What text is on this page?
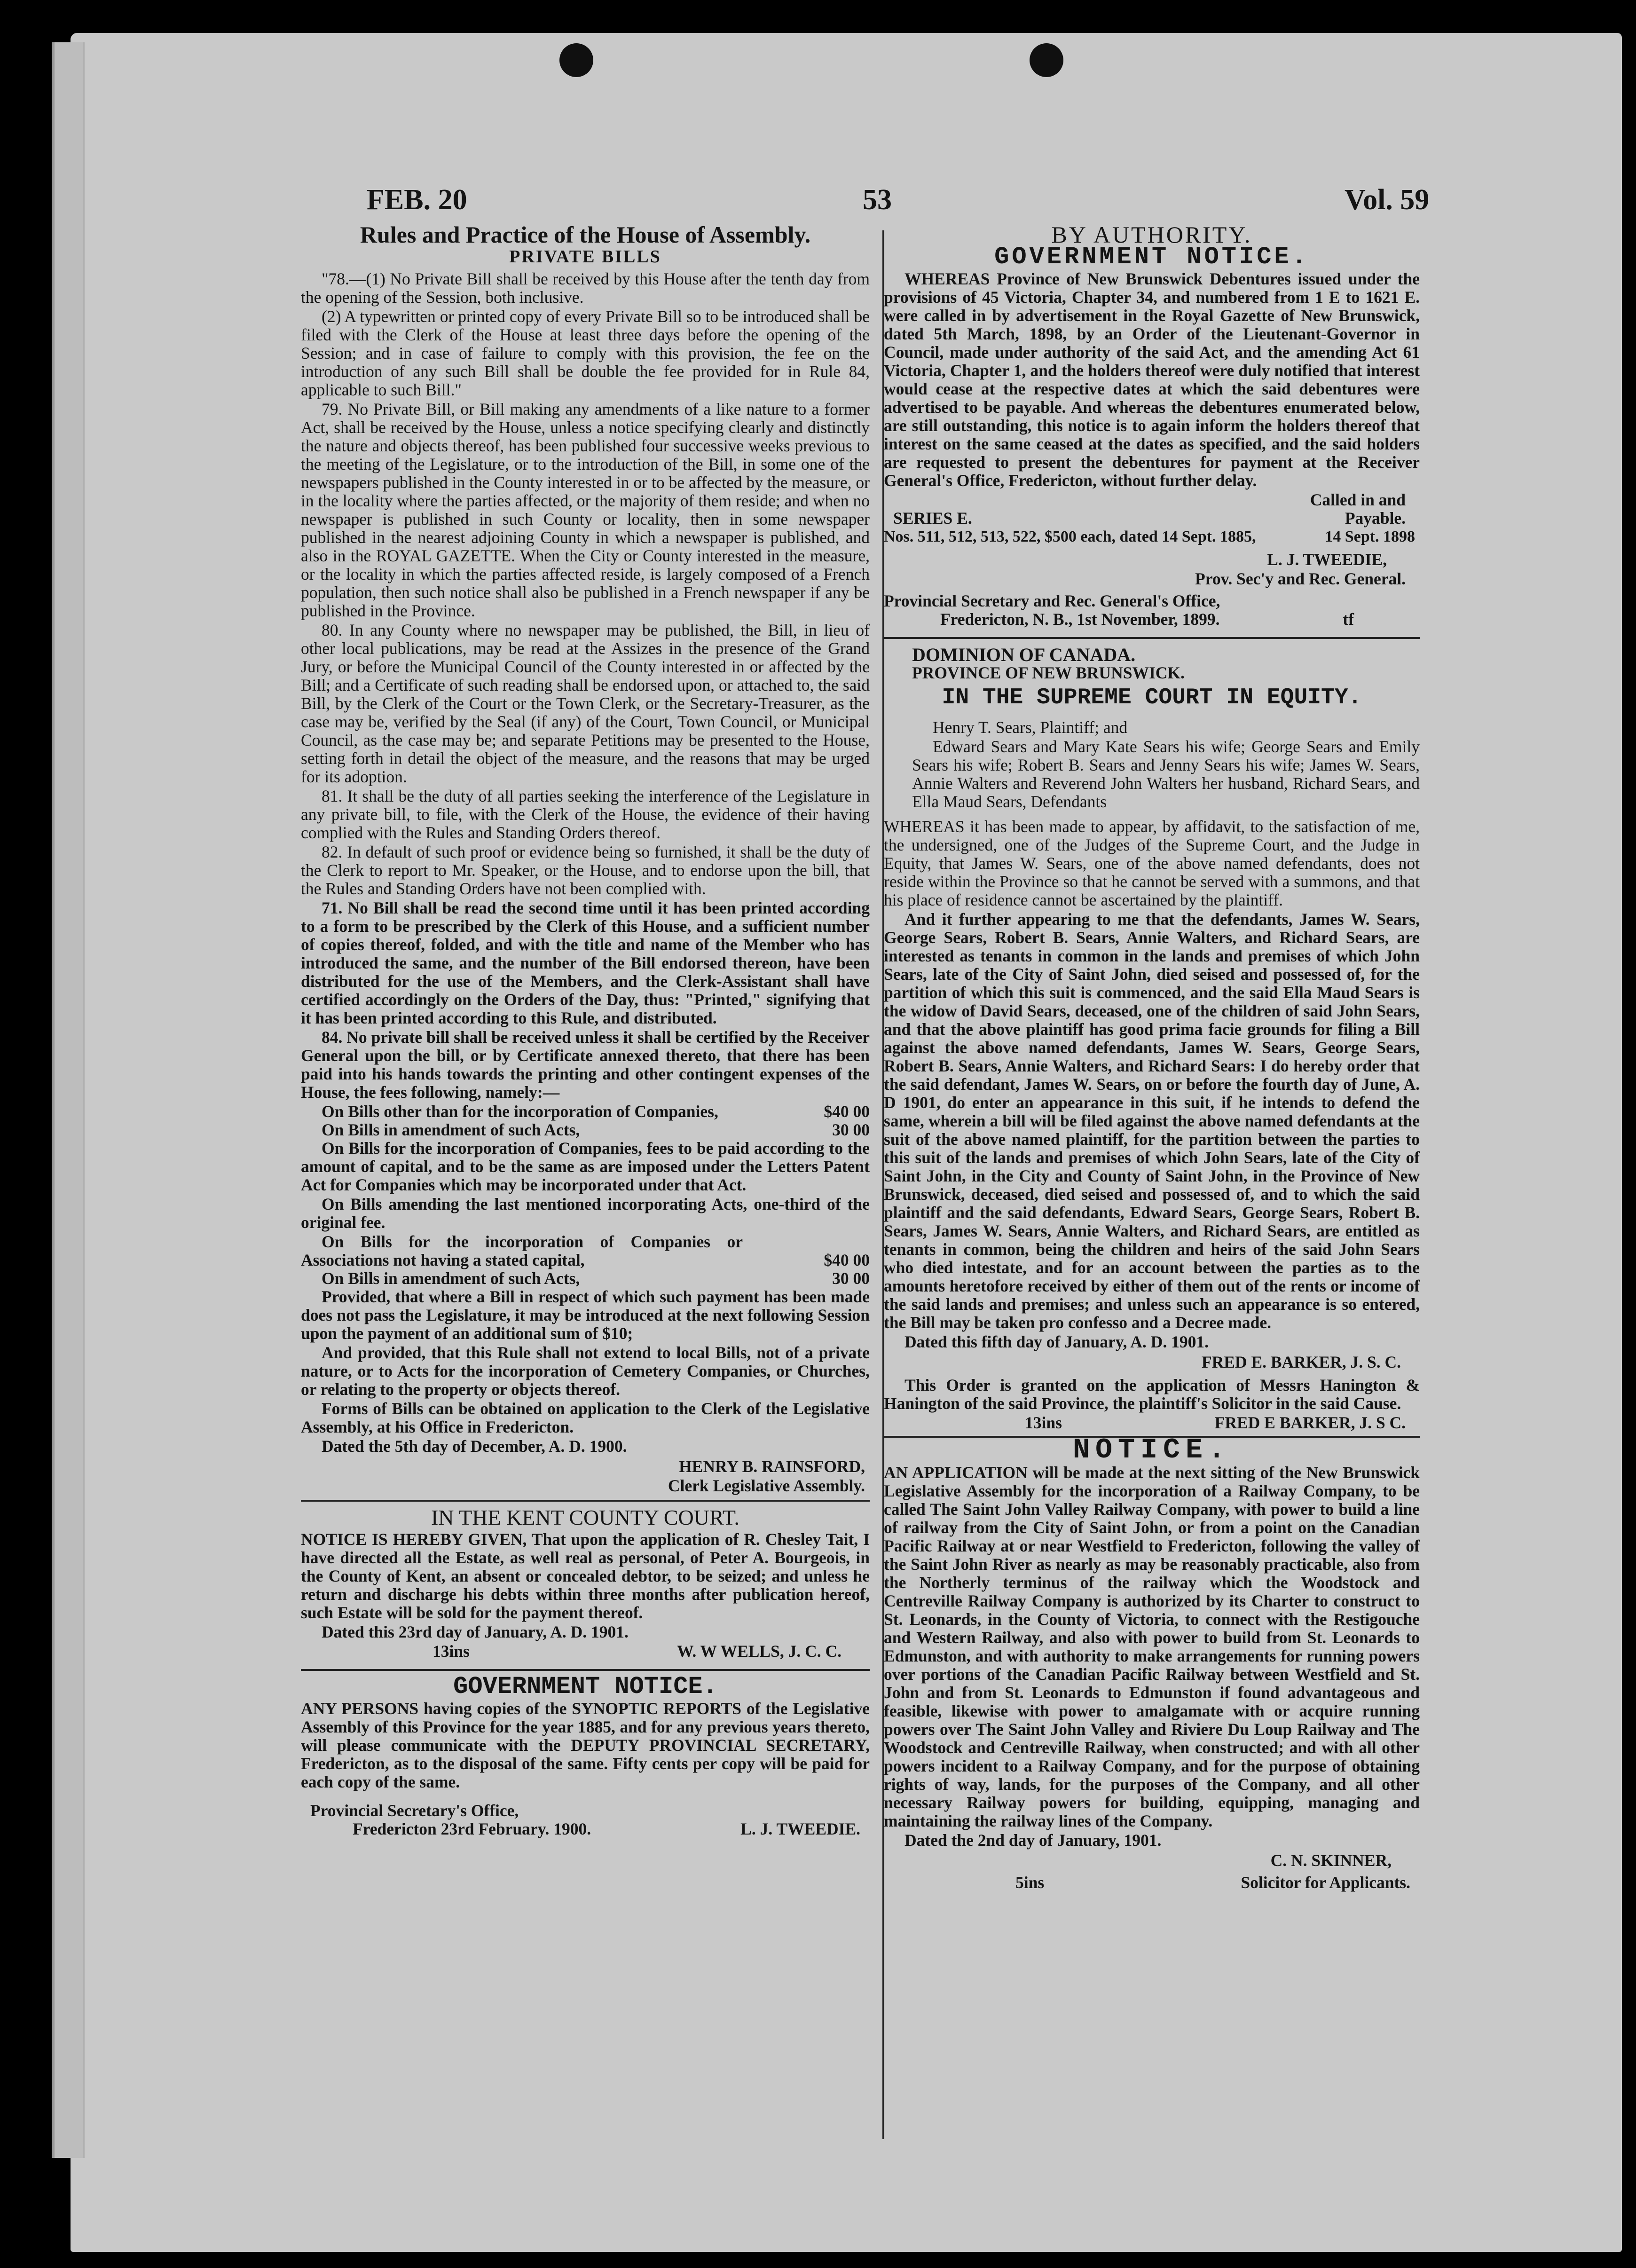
FEB. 20	53	Vol. 59
Rules and Practice of the House of Assembly.
PRIVATE BILLS

"78.—(1) No Private Bill shall be received by this House after the tenth day from the opening of the Session, both inclusive.

(2) A typewritten or printed copy of every Private Bill so to be introduced shall be filed with the Clerk of the House at least three days before the opening of the Session; and in case of failure to comply with this provision, the fee on the introduction of any such Bill shall be double the fee provided for in Rule 84, applicable to such Bill."

79. No Private Bill, or Bill making any amendments of a like nature to a former Act, shall be received by the House, unless a notice specifying clearly and distinctly the nature and objects thereof, has been published four successive weeks previous to the meeting of the Legislature, or to the introduction of the Bill, in some one of the newspapers published in the County interested in or to be affected by the measure, or in the locality where the parties affected, or the majority of them reside; and when no newspaper is published in such County or locality, then in some newspaper published in the nearest adjoining County in which a newspaper is published, and also in the ROYAL GAZETTE. When the City or County interested in the measure, or the locality in which the parties affected reside, is largely composed of a French population, then such notice shall also be published in a French newspaper if any be published in the Province.

80. In any County where no newspaper may be published, the Bill, in lieu of other local publications, may be read at the Assizes in the presence of the Grand Jury, or before the Municipal Council of the County interested in or affected by the Bill; and a Certificate of such reading shall be endorsed upon, or attached to, the said Bill, by the Clerk of the Court or the Town Clerk, or the Secretary-Treasurer, as the case may be, verified by the Seal (if any) of the Court, Town Council, or Municipal Council, as the case may be; and separate Petitions may be presented to the House, setting forth in detail the object of the measure, and the reasons that may be urged for its adoption.

81. It shall be the duty of all parties seeking the interference of the Legislature in any private bill, to file, with the Clerk of the House, the evidence of their having complied with the Rules and Standing Orders thereof.

82. In default of such proof or evidence being so furnished, it shall be the duty of the Clerk to report to Mr. Speaker, or the House, and to endorse upon the bill, that the Rules and Standing Orders have not been complied with.

71. No Bill shall be read the second time until it has been printed according to a form to be prescribed by the Clerk of this House, and a sufficient number of copies thereof, folded, and with the title and name of the Member who has introduced the same, and the number of the Bill endorsed thereon, have been distributed for the use of the Members, and the Clerk-Assistant shall have certified accordingly on the Orders of the Day, thus: "Printed," signifying that it has been printed according to this Rule, and distributed.

84. No private bill shall be received unless it shall be certified by the Receiver General upon the bill, or by Certificate annexed thereto, that there has been paid into his hands towards the printing and other contingent expenses of the House, the fees following, namely:—

On Bills other than for the incorporation of Companies,	$40 00
On Bills in amendment of such Acts,	30 00

On Bills for the incorporation of Companies, fees to be paid according to the amount of capital, and to be the same as are imposed under the Letters Patent Act for Companies which may be incorporated under that Act.

On Bills amending the last mentioned incorporating Acts, one-third of the original fee.

On Bills for the incorporation of Companies or Associations not having a stated capital,	$40 00
On Bills in amendment of such Acts,	30 00

Provided, that where a Bill in respect of which such payment has been made does not pass the Legislature, it may be introduced at the next following Session upon the payment of an additional sum of $10;

And provided, that this Rule shall not extend to local Bills, not of a private nature, or to Acts for the incorporation of Cemetery Companies, or Churches, or relating to the property or objects thereof.

Forms of Bills can be obtained on application to the Clerk of the Legislative Assembly, at his Office in Fredericton.

Dated the 5th day of December, A. D. 1900.

HENRY B. RAINSFORD,
Clerk Legislative Assembly.
IN THE KENT COUNTY COURT.

NOTICE IS HEREBY GIVEN, That upon the application of R. Chesley Tait, I have directed all the Estate, as well real as personal, of Peter A. Bourgeois, in the County of Kent, an absent or concealed debtor, to be seized; and unless he return and discharge his debts within three months after publication hereof, such Estate will be sold for the payment thereof.

Dated this 23rd day of January, A. D. 1901.

13ins	W. W WELLS, J. C. C.
GOVERNMENT NOTICE.

ANY PERSONS having copies of the SYNOPTIC REPORTS of the Legislative Assembly of this Province for the year 1885, and for any previous years thereto, will please communicate with the DEPUTY PROVINCIAL SECRETARY, Fredericton, as to the disposal of the same. Fifty cents per copy will be paid for each copy of the same.

Provincial Secretary's Office,
Fredericton 23rd February. 1900.	L. J. TWEEDIE.
BY AUTHORITY.
GOVERNMENT NOTICE.

WHEREAS Province of New Brunswick Debentures issued under the provisions of 45 Victoria, Chapter 34, and numbered from 1 E to 1621 E. were called in by advertisement in the Royal Gazette of New Brunswick, dated 5th March, 1898, by an Order of the Lieutenant-Governor in Council, made under authority of the said Act, and the amending Act 61 Victoria, Chapter 1, and the holders thereof were duly notified that interest would cease at the respective dates at which the said debentures were advertised to be payable. And whereas the debentures enumerated below, are still outstanding, this notice is to again inform the holders thereof that interest on the same ceased at the dates as specified, and the said holders are requested to present the debentures for payment at the Receiver General's Office, Fredericton, without further delay.

Called in and
SERIES E.	Payable.
Nos. 511, 512, 513, 522, $500 each, dated 14 Sept. 1885,	14 Sept. 1898
L. J. TWEEDIE,
Prov. Sec'y and Rec. General.
Provincial Secretary and Rec. General's Office,
Fredericton, N. B., 1st November, 1899.	tf
DOMINION OF CANADA.
PROVINCE OF NEW BRUNSWICK.
IN THE SUPREME COURT IN EQUITY.

Henry T. Sears, Plaintiff; and

Edward Sears and Mary Kate Sears his wife; George Sears and Emily Sears his wife; Robert B. Sears and Jenny Sears his wife; James W. Sears, Annie Walters and Reverend John Walters her husband, Richard Sears, and Ella Maud Sears, Defendants

WHEREAS it has been made to appear, by affidavit, to the satisfaction of me, the undersigned, one of the Judges of the Supreme Court, and the Judge in Equity, that James W. Sears, one of the above named defendants, does not reside within the Province so that he cannot be served with a summons, and that his place of residence cannot be ascertained by the plaintiff.

And it further appearing to me that the defendants, James W. Sears, George Sears, Robert B. Sears, Annie Walters, and Richard Sears, are interested as tenants in common in the lands and premises of which John Sears, late of the City of Saint John, died seised and possessed of, for the partition of which this suit is commenced, and the said Ella Maud Sears is the widow of David Sears, deceased, one of the children of said John Sears, and that the above plaintiff has good prima facie grounds for filing a Bill against the above named defendants, James W. Sears, George Sears, Robert B. Sears, Annie Walters, and Richard Sears: I do hereby order that the said defendant, James W. Sears, on or before the fourth day of June, A. D 1901, do enter an appearance in this suit, if he intends to defend the same, wherein a bill will be filed against the above named defendants at the suit of the above named plaintiff, for the partition between the parties to this suit of the lands and premises of which John Sears, late of the City of Saint John, in the City and County of Saint John, in the Province of New Brunswick, deceased, died seised and possessed of, and to which the said plaintiff and the said defendants, Edward Sears, George Sears, Robert B. Sears, James W. Sears, Annie Walters, and Richard Sears, are entitled as tenants in common, being the children and heirs of the said John Sears who died intestate, and for an account between the parties as to the amounts heretofore received by either of them out of the rents or income of the said lands and premises; and unless such an appearance is so entered, the Bill may be taken pro confesso and a Decree made.

Dated this fifth day of January, A. D. 1901.

FRED E. BARKER, J. S. C.

This Order is granted on the application of Messrs Hanington & Hanington of the said Province, the plaintiff's Solicitor in the said Cause.

13ins	FRED E BARKER, J. S C.
NOTICE.

AN APPLICATION will be made at the next sitting of the New Brunswick Legislative Assembly for the incorporation of a Railway Company, to be called The Saint John Valley Railway Company, with power to build a line of railway from the City of Saint John, or from a point on the Canadian Pacific Railway at or near Westfield to Fredericton, following the valley of the Saint John River as nearly as may be reasonably practicable, also from the Northerly terminus of the railway which the Woodstock and Centreville Railway Company is authorized by its Charter to construct to St. Leonards, in the County of Victoria, to connect with the Restigouche and Western Railway, and also with power to build from St. Leonards to Edmunston, and with authority to make arrangements for running powers over portions of the Canadian Pacific Railway between Westfield and St. John and from St. Leonards to Edmunston if found advantageous and feasible, likewise with power to amalgamate with or acquire running powers over The Saint John Valley and Riviere Du Loup Railway and The Woodstock and Centreville Railway, when constructed; and with all other powers incident to a Railway Company, and for the purpose of obtaining rights of way, lands, for the purposes of the Company, and all other necessary Railway powers for building, equipping, managing and maintaining the railway lines of the Company.

Dated the 2nd day of January, 1901.

C. N. SKINNER,
5ins	Solicitor for Applicants.
